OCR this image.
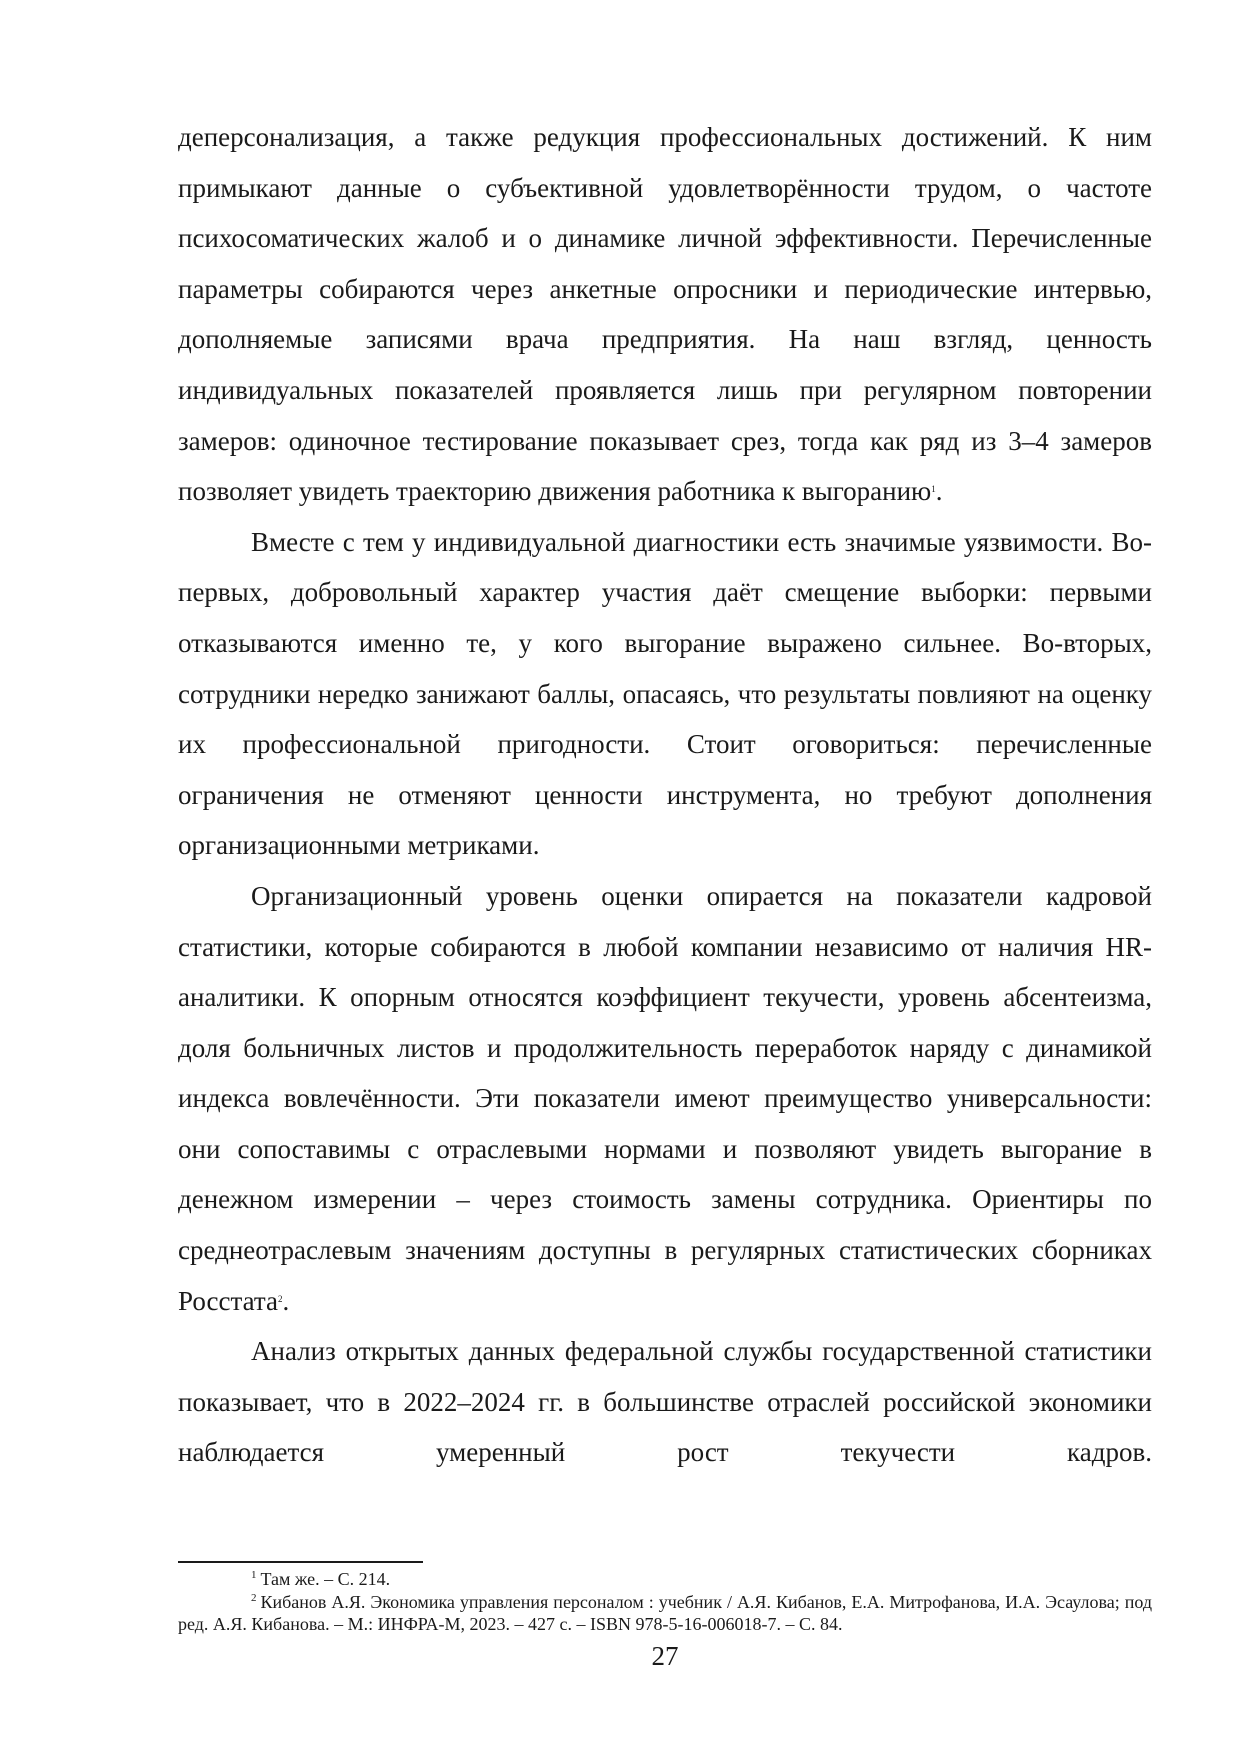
деперсонализация, а также редукция профессиональных достижений. К ним примыкают данные о субъективной удовлетворённости трудом, о частоте психосоматических жалоб и о динамике личной эффективности. Перечисленные параметры собираются через анкетные опросники и периодические интервью, дополняемые записями врача предприятия. На наш взгляд, ценность индивидуальных показателей проявляется лишь при регулярном повторении замеров: одиночное тестирование показывает срез, тогда как ряд из 3–4 замеров позволяет увидеть траекторию движения работника к выгоранию$^1$.

Вместе с тем у индивидуальной диагностики есть значимые уязвимости. Во-первых, добровольный характер участия даёт смещение выборки: первыми отказываются именно те, у кого выгорание выражено сильнее. Во-вторых, сотрудники нередко занижают баллы, опасаясь, что результаты повлияют на оценку их профессиональной пригодности. Стоит оговориться: перечисленные ограничения не отменяют ценности инструмента, но требуют дополнения организационными метриками.

Организационный уровень оценки опирается на показатели кадровой статистики, которые собираются в любой компании независимо от наличия HR-аналитики. К опорным относятся коэффициент текучести, уровень абсентеизма, доля больничных листов и продолжительность переработок наряду с динамикой индекса вовлечённости. Эти показатели имеют преимущество универсальности: они сопоставимы с отраслевыми нормами и позволяют увидеть выгорание в денежном измерении – через стоимость замены сотрудника. Ориентиры по среднеотраслевым значениям доступны в регулярных статистических сборниках Росстата$^2$.

Анализ открытых данных федеральной службы государственной статистики показывает, что в 2022–2024 гг. в большинстве отраслей российской экономики наблюдается умеренный рост текучести кадров.

$^1$ Там же. – С. 214.

$^2$ Кибанов А.Я. Экономика управления персоналом : учебник / А.Я. Кибанов, Е.А. Митрофанова, И.А. Эсаулова; под ред. А.Я. Кибанова. – М.: ИНФРА-М, 2023. – 427 с. – ISBN 978-5-16-006018-7. – С. 84.

27
